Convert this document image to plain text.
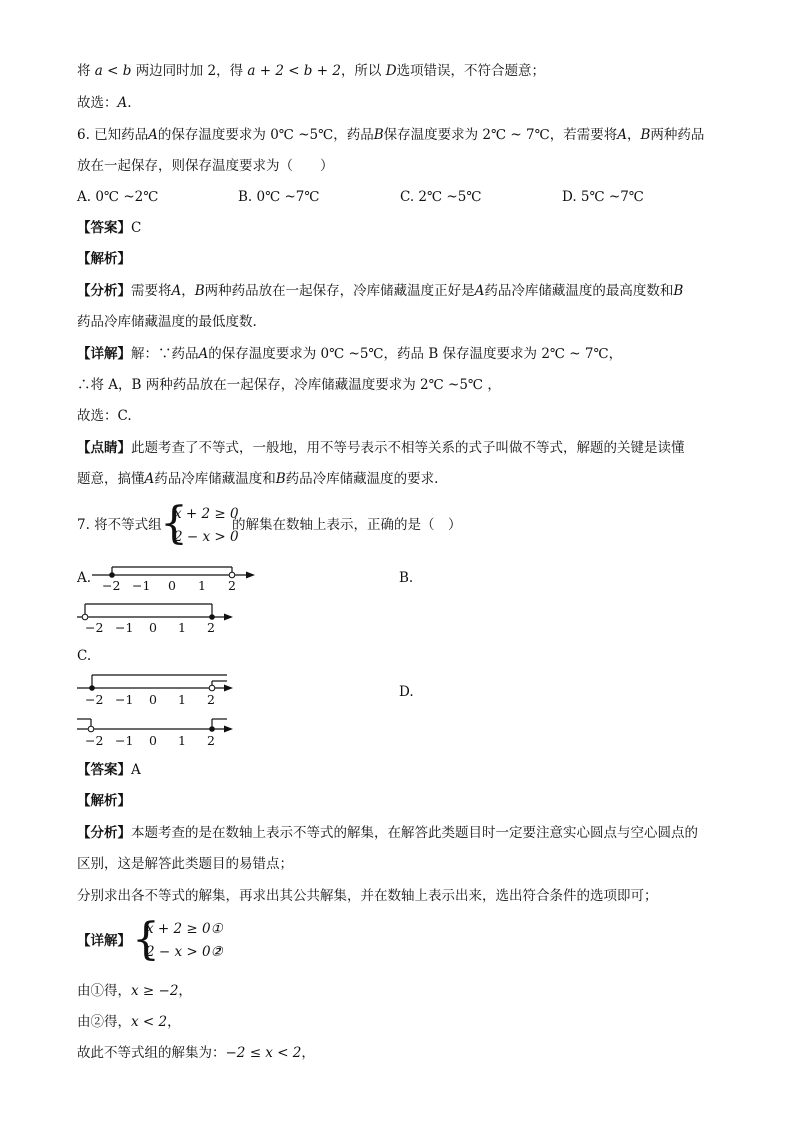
将 a < b 两边同时加 2，得 a + 2 < b + 2，所以 D选项错误，不符合题意；
故选：A.
6. 已知药品A的保存温度要求为 0℃ ~5℃，药品B保存温度要求为 2℃ ~ 7℃，若需要将A，B两种药品
放在一起保存，则保存温度要求为（　　）
A. 0℃ ~2℃	B. 0℃ ~7℃	C. 2℃ ~5℃	D. 5℃ ~7℃
【答案】C
【解析】
【分析】需要将A，B两种药品放在一起保存，冷库储藏温度正好是A药品冷库储藏温度的最高度数和B
药品冷库储藏温度的最低度数.
【详解】解：∵药品A的保存温度要求为 0℃ ~5℃，药品 B 保存温度要求为 2℃ ~ 7℃，
∴将 A，B 两种药品放在一起保存，冷库储藏温度要求为 2℃ ~5℃ ，
故选：C.
【点睛】此题考查了不等式，一般地，用不等号表示不相等关系的式子叫做不等式，解题的关键是读懂
题意，搞懂A药品冷库储藏温度和B药品冷库储藏温度的要求.
7. 将不等式组
{
x + 2 ≥ 0
2 − x > 0
的解集在数轴上表示，正确的是（　）
A.	B.
C.
D.
−2 −1 0 1 2
−2 −1 0 1 2
−2 −1 0 1 2
−2 −1 0 1 2
【答案】A
【解析】
【分析】本题考查的是在数轴上表示不等式的解集，在解答此类题目时一定要注意实心圆点与空心圆点的
区别，这是解答此类题目的易错点；
分别求出各不等式的解集，再求出其公共解集，并在数轴上表示出来，选出符合条件的选项即可；
【详解】 {
x + 2 ≥ 0①
2 − x > 0②
，
由①得，x ≥ −2，
由②得，x < 2，
故此不等式组的解集为：−2 ≤ x < 2，
